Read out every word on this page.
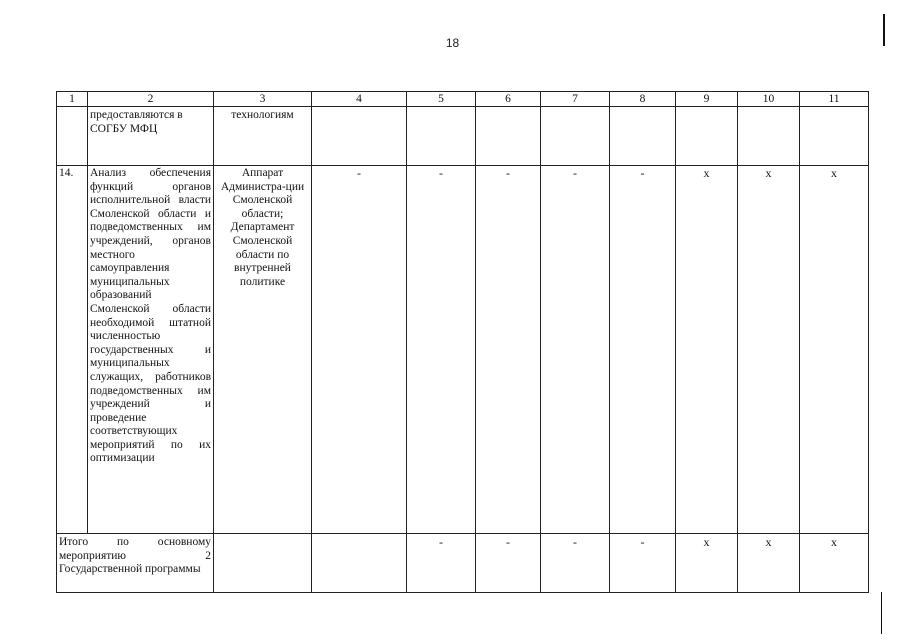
18
1	2	3	4	5	6	7	8	9	10	11
	предоставляются в СОГБУ МФЦ	технологиям								
14.	Анализ обеспечения функций органов исполнительной власти Смоленской области и подведомственных им учреждений, органов местного самоуправления муниципальных образований Смоленской области необходимой штатной численностью государственных и муниципальных служащих, работников подведомственных им учреждений и проведение соответствующих мероприятий по их оптимизации	Аппарат Администра-ции Смоленской области; Департамент Смоленской области по внутренней политике	-	-	-	-	-	х	х	х
Итого по основному мероприятию 2 Государственной программы				-	-	-	-	х	х	х
